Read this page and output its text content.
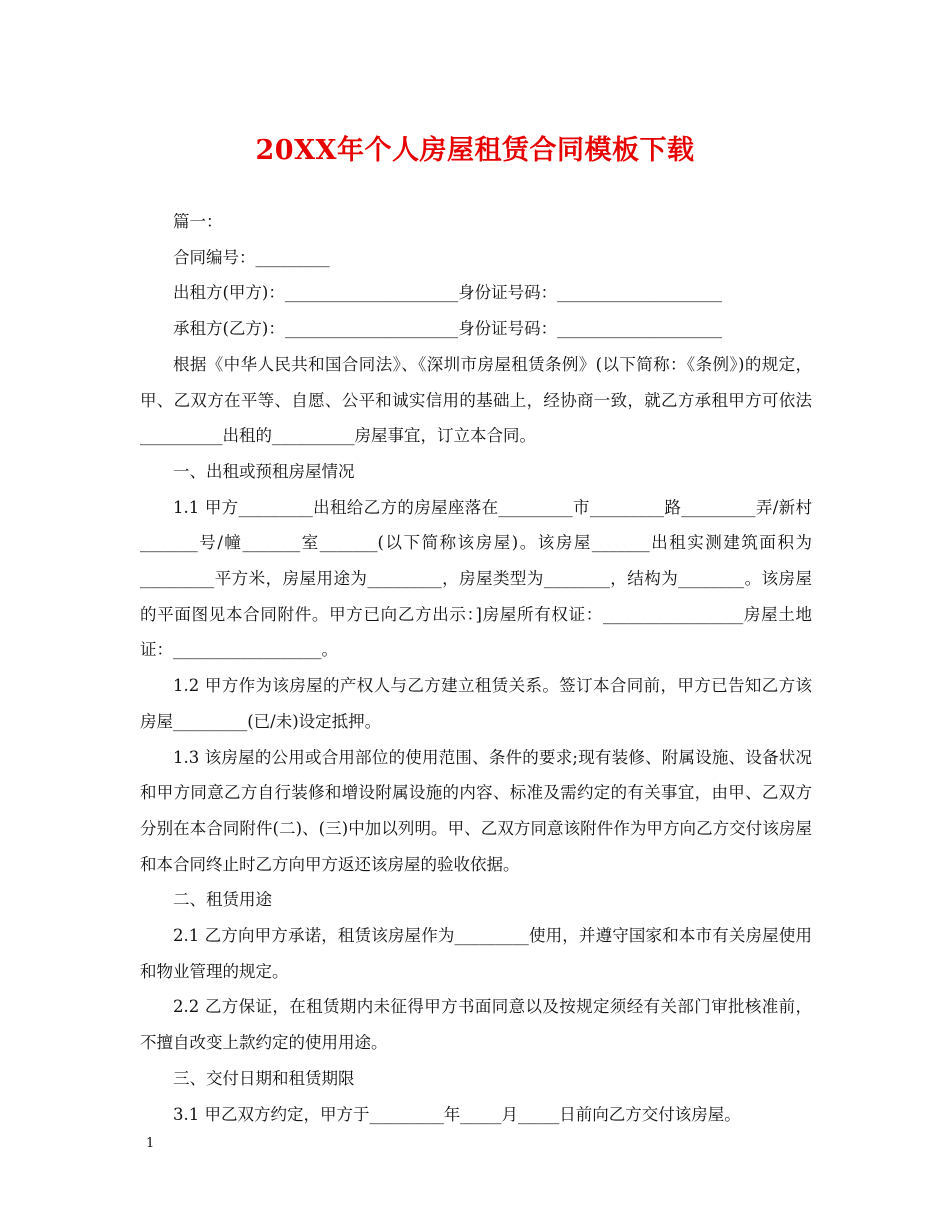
20XX年个人房屋租赁合同模板下载

篇一：

合同编号：_________

出租方(甲方)：_____________________身份证号码：____________________

承租方(乙方)：_____________________身份证号码：____________________

根据《中华人民共和国合同法》、《深圳市房屋租赁条例》(以下简称：《条例》)的规定，甲、乙双方在平等、自愿、公平和诚实信用的基础上，经协商一致，就乙方承租甲方可依法__________出租的__________房屋事宜，订立本合同。

一、出租或预租房屋情况

1.1 甲方_________出租给乙方的房屋座落在_________市_________路_________弄/新村_______号/幢_______室_______(以下简称该房屋)。该房屋_______出租实测建筑面积为_________平方米，房屋用途为_________，房屋类型为________，结构为________。该房屋的平面图见本合同附件。甲方已向乙方出示：]房屋所有权证：_________________房屋土地证：__________________。

1.2 甲方作为该房屋的产权人与乙方建立租赁关系。签订本合同前，甲方已告知乙方该房屋_________(已/未)设定抵押。

1.3 该房屋的公用或合用部位的使用范围、条件的要求;现有装修、附属设施、设备状况和甲方同意乙方自行装修和增设附属设施的内容、标准及需约定的有关事宜，由甲、乙双方分别在本合同附件(二)、(三)中加以列明。甲、乙双方同意该附件作为甲方向乙方交付该房屋和本合同终止时乙方向甲方返还该房屋的验收依据。

二、租赁用途

2.1 乙方向甲方承诺，租赁该房屋作为_________使用，并遵守国家和本市有关房屋使用和物业管理的规定。

2.2 乙方保证，在租赁期内未征得甲方书面同意以及按规定须经有关部门审批核准前，不擅自改变上款约定的使用用途。

三、交付日期和租赁期限

3.1 甲乙双方约定，甲方于_________年_____月_____日前向乙方交付该房屋。

1
